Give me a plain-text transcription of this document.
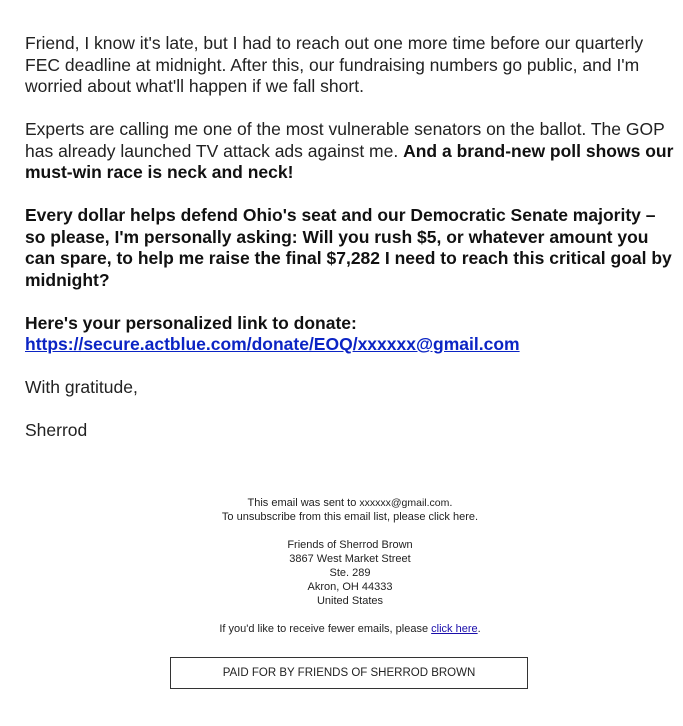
Friend, I know it's late, but I had to reach out one more time before our quarterly FEC deadline at midnight. After this, our fundraising numbers go public, and I'm worried about what'll happen if we fall short.

Experts are calling me one of the most vulnerable senators on the ballot. The GOP has already launched TV attack ads against me. And a brand-new poll shows our must-win race is neck and neck!

Every dollar helps defend Ohio's seat and our Democratic Senate majority – so please, I'm personally asking: Will you rush $5, or whatever amount you can spare, to help me raise the final $7,282 I need to reach this critical goal by midnight?

Here's your personalized link to donate:
https://secure.actblue.com/donate/EOQ/xxxxxx@gmail.com

With gratitude,

Sherrod

This email was sent to xxxxxx@gmail.com.
To unsubscribe from this email list, please click here.

Friends of Sherrod Brown
3867 West Market Street
Ste. 289
Akron, OH 44333
United States

If you'd like to receive fewer emails, please click here.

PAID FOR BY FRIENDS OF SHERROD BROWN
